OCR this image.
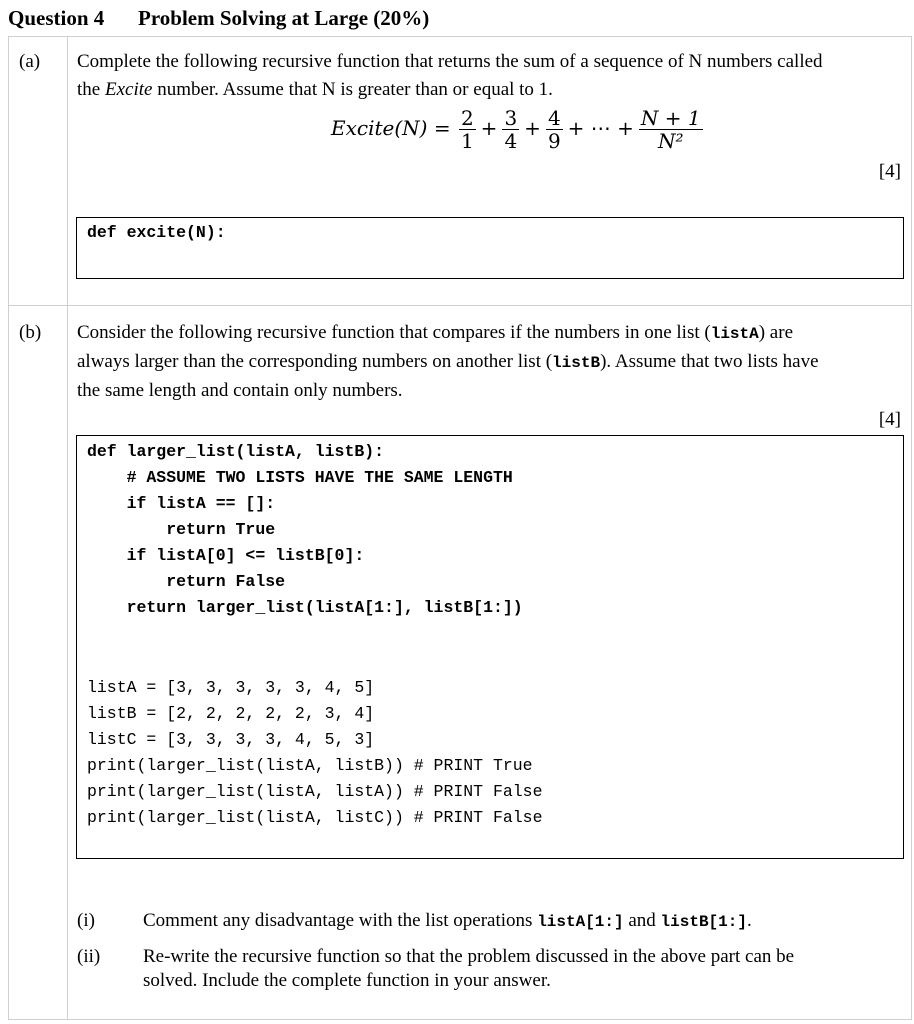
Question 4 Problem Solving at Large (20%)
(a) Complete the following recursive function that returns the sum of a sequence of N numbers called
the Excite number. Assume that N is greater than or equal to 1.
Excite(N) = $\frac{2}{1} + \frac{3}{4} + \frac{4}{9}$ + ⋯ + $\frac{N + 1}{\text{N²}}$
[4]
def excite(N):
(b) Consider the following recursive function that compares if the numbers in one list (listA) are
always larger than the corresponding numbers on another list (listB). Assume that two lists have
the same length and contain only numbers.
[4]
def larger_list(listA, listB):
# ASSUME TWO LISTS HAVE THE SAME LENGTH
if listA == []:
return True
if listA[0] <= listB[0]:
return False
return larger_list(listA[1:], listB[1:])
listA = [3, 3, 3, 3, 3, 4, 5]
listB = [2, 2, 2, 2, 2, 3, 4]
listC = [3, 3, 3, 3, 4, 5, 3]
print(larger_list(listA, listB)) # PRINT True
print(larger_list(listA, listA)) # PRINT False
print(larger_list(listA, listC)) # PRINT False
(i)	Comment any disadvantage with the list operations listA[1:] and listB[1:].
(ii) Re-write the recursive function so that the problem discussed in the above part can be
solved. Include the complete function in your answer.
